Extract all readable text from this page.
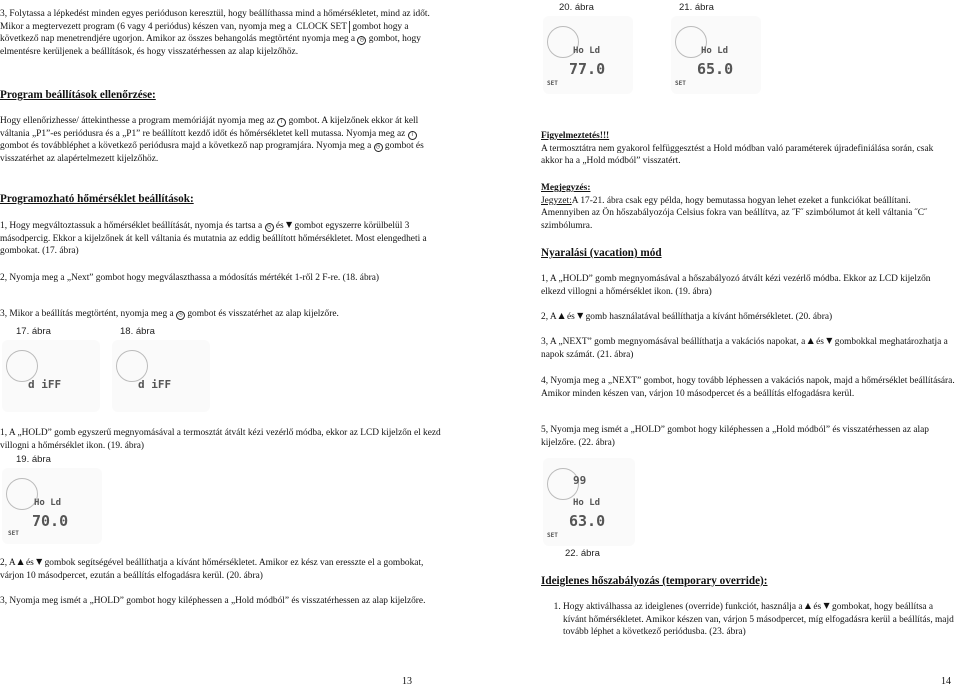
3, Folytassa a lépkedést minden egyes perióduson keresztül, hogy beállíthassa mind a hőmérsékletet, mind az időt. Mikor a megtervezett program (6 vagy 4 periódus) készen van, nyomja meg a CLOCK SET gombot hogy a következő nap menetrendjére ugorjon. Amikor az összes behangolás megtörtént nyomja meg a ◷ gombot, hogy elmentésre kerüljenek a beállítások, és hogy visszatérhessen az alap kijelzőhöz.

Program beállítások ellenőrzése:

Hogy ellenőrizhesse/ áttekinthesse a program memóriáját nyomja meg az i gombot. A kijelzőnek ekkor át kell váltania „P1”-es periódusra és a „P1” re beállított kezdő időt és hőmérsékletet kell mutassa. Nyomja meg az i gombot és továbbléphet a következő periódusra majd a következő nap programjára. Nyomja meg a ◷ gombot és visszatérhet az alapértelmezett kijelzőhöz.

Programozható hőmérséklet beállítások:

1, Hogy megváltoztassuk a hőmérséklet beállítását, nyomja és tartsa a ◷ és ▼ gombot egyszerre körülbelül 3 másodpercig. Ekkor a kijelzőnek át kell váltania és mutatnia az eddig beállított hőmérsékletet. Most elengedheti a gombokat. (17. ábra)

2, Nyomja meg a „Next” gombot hogy megválaszthassa a módosítás mértékét 1-ről 2 F-re. (18. ábra)

3, Mikor a beállítás megtörtént, nyomja meg a ◷ gombot és visszatérhet az alap kijelzőre.

17. ábra
d iFF
18. ábra
d iFF

1, A „HOLD” gomb egyszerű megnyomásával a termosztát átvált kézi vezérlő módba, ekkor az LCD kijelzőn el kezd villogni a hőmérséklet ikon. (19. ábra)

19. ábra
Ho Ld
70.0
SET

2, A ▲ és ▼ gombok segítségével beállíthatja a kívánt hőmérsékletet. Amikor ez kész van eresszte el a gombokat, várjon 10 másodpercet, ezután a beállítás elfogadásra kerül. (20. ábra)

3, Nyomja meg ismét a „HOLD” gombot hogy kiléphessen a „Hold módból” és visszatérhessen az alap kijelzőre.

13
20. ábra
Ho Ld
77.0
SET
21. ábra
Ho Ld
65.0
SET

Figyelmeztetés!!!
A termosztátra nem gyakorol felfüggesztést a Hold módban való paraméterek újradefiniálása során, csak akkor ha a „Hold módból” visszatért.

Megjegyzés:
Jegyzet:A 17-21. ábra csak egy példa, hogy bemutassa hogyan lehet ezeket a funkciókat beállítani. Amennyiben az Ön hőszabályozója Celsius fokra van beállítva, az ˝F˝ szimbólumot át kell váltania ˝C˝ szimbólumra.

Nyaralási (vacation) mód

1, A „HOLD” gomb megnyomásával a hőszabályozó átvált kézi vezérlő módba. Ekkor az LCD kijelzőn elkezd villogni a hőmérséklet ikon. (19. ábra)

2, A ▲ és ▼ gomb használatával beállíthatja a kívánt hőmérsékletet. (20. ábra)

3, A „NEXT” gomb megnyomásával beállíthatja a vakációs napokat, a ▲ és ▼ gombokkal meghatározhatja a napok számát. (21. ábra)

4, Nyomja meg a „NEXT” gombot, hogy tovább léphessen a vakációs napok, majd a hőmérséklet beállítására. Amikor minden készen van, várjon 10 másodpercet és a beállítás elfogadásra kerül.

5, Nyomja meg ismét a „HOLD” gombot hogy kiléphessen a „Hold módból” és visszatérhessen az alap kijelzőre. (22. ábra)

99
Ho Ld
63.0
SET
22. ábra

Ideiglenes hőszabályozás (temporary override):

1. Hogy aktiválhassa az ideiglenes (override) funkciót, használja a ▲ és ▼ gombokat, hogy beállítsa a kívánt hőmérsékletet. Amikor készen van, várjon 5 másodpercet, míg elfogadásra kerül a beállítás, majd tovább léphet a következő periódusba. (23. ábra)
14
